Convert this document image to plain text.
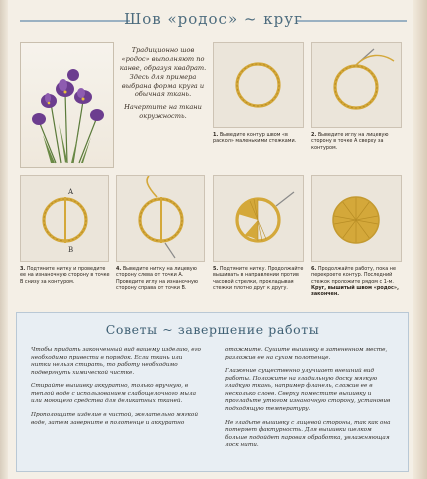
Шов «родос» ~ круг
Традиционно шов «родос» выполняют по канве, образуя квадрат. Здесь для примера выбрана форма круга и обычная ткань.
Начертите на ткани окружность.
1. Выведите контур швом «в раскол» маленькими стежками.
2. Выведите иглу на лицевую сторону в точке А сверху за контуром.
A
B
3. Подтяните нитку и проведите ее на изнаночную сторону в точке В снизу за контуром.
4. Выведите нитку на лицевую сторону слева от точки А. Проведите иглу на изнаночную сторону справа от точки В.
5. Подтяните нитку. Продолжайте вышивать в направлении против часовой стрелки, прокладывая стежки плотно друг к другу.
6. Продолжайте работу, пока не перекроете контур. Последний стежок проложите рядом с 1-м. Круг, вышитый швом «родос», закончен.
Советы ~ завершение работы

Чтобы придать законченный вид вашему изделию, его необходимо привести в порядок. Если ткань или нитки нельзя стирать, то работу необходимо подвергнуть химической чистке.

Стирайте вышивку аккуратно, только вручную, в теплой воде с использованием слабощелочного мыла или моющего средства для деликатных тканей.

Прополощите изделие в чистой, желательно мягкой воде, затем заверните в полотенце и аккуратно

отожмите. Сушите вышивку в затененном месте, разложив ее на сухом полотенце.

Глажение существенно улучшает внешний вид работы. Положите на гладильную доску мягкую гладкую ткань, например фланель, сложив ее в несколько слоев. Сверху поместите вышивку и прогладьте утюгом изнаночную сторону, установив подходящую температуру.

Не гладьте вышивку с лицевой стороны, так как она потеряет фактурность. Для вышивки шелком больше подойдет паровая обработка, увлажняющая лоск нити.
